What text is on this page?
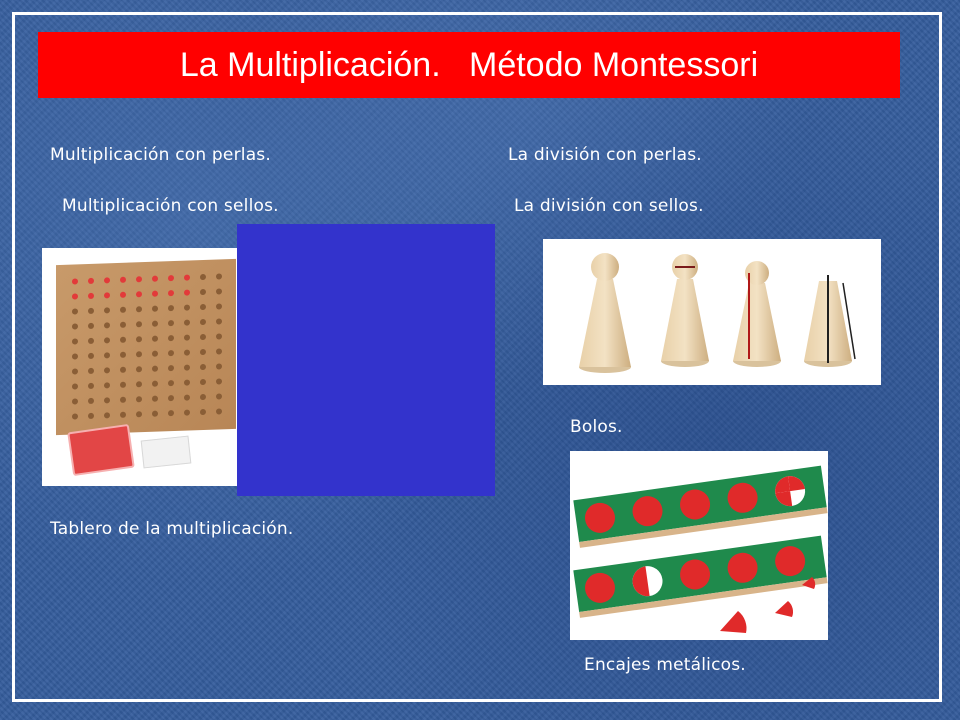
La Multiplicación.   Método Montessori
Multiplicación con perlas.	La división con perlas.
Multiplicación con sellos.	La división con sellos.
Bolos.
Tablero de la multiplicación.
Encajes metálicos.
